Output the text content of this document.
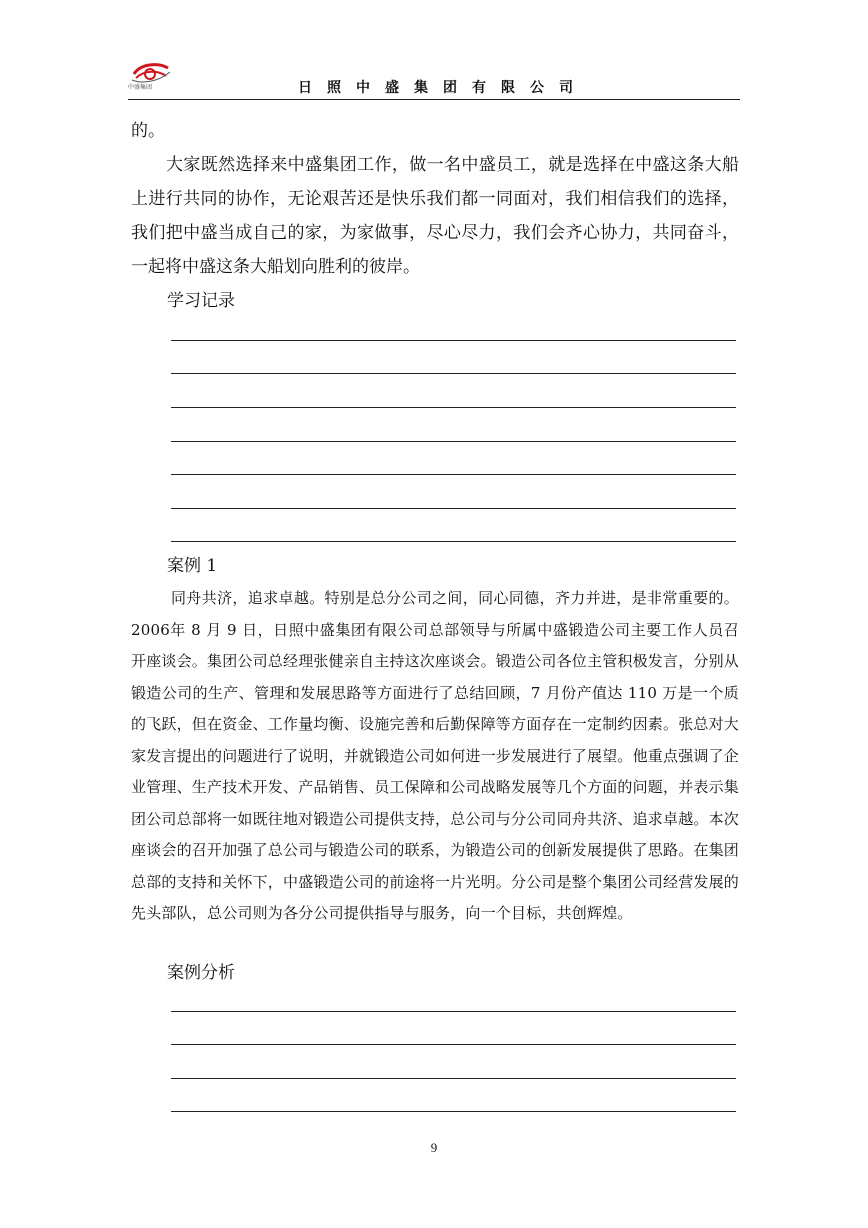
中盛集团	日照中盛集团有限公司

的。

大家既然选择来中盛集团工作，做一名中盛员工，就是选择在中盛这条大船上进行共同的协作，无论艰苦还是快乐我们都一同面对，我们相信我们的选择，我们把中盛当成自己的家，为家做事，尽心尽力，我们会齐心协力，共同奋斗，一起将中盛这条大船划向胜利的彼岸。

学习记录

案例 1

同舟共济，追求卓越。特别是总分公司之间，同心同德，齐力并进，是非常重要的。2006年 8 月 9 日，日照中盛集团有限公司总部领导与所属中盛锻造公司主要工作人员召开座谈会。集团公司总经理张健亲自主持这次座谈会。锻造公司各位主管积极发言，分别从锻造公司的生产、管理和发展思路等方面进行了总结回顾，7 月份产值达 110 万是一个质的飞跃，但在资金、工作量均衡、设施完善和后勤保障等方面存在一定制约因素。张总对大家发言提出的问题进行了说明，并就锻造公司如何进一步发展进行了展望。他重点强调了企业管理、生产技术开发、产品销售、员工保障和公司战略发展等几个方面的问题，并表示集团公司总部将一如既往地对锻造公司提供支持，总公司与分公司同舟共济、追求卓越。本次座谈会的召开加强了总公司与锻造公司的联系，为锻造公司的创新发展提供了思路。在集团总部的支持和关怀下，中盛锻造公司的前途将一片光明。分公司是整个集团公司经营发展的先头部队，总公司则为各分公司提供指导与服务，向一个目标，共创辉煌。

案例分析

9
